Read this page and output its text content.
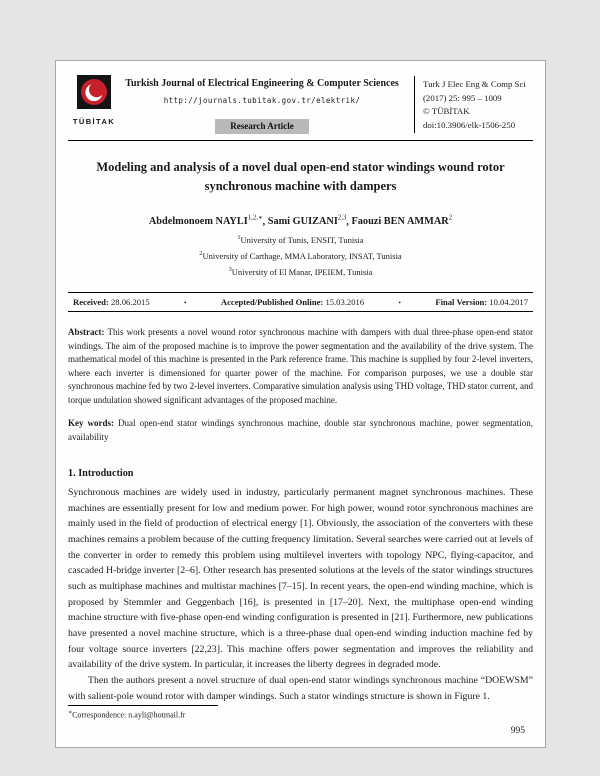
TÜBİTAK
Turkish Journal of Electrical Engineering & Computer Sciences
http://journals.tubitak.gov.tr/elektrik/
Research Article
Turk J Elec Eng & Comp Sci
(2017) 25: 995 – 1009
© TÜBİTAK
doi:10.3906/elk-1506-250
Modeling and analysis of a novel dual open-end stator windings wound rotor synchronous machine with dampers
Abdelmonoem $NAYLI^{1,2,∗}$, Sami GUIZANI$^{2,3}$, Faouzi BEN AMMAR$^2$
$^1$University of Tunis, ENSIT, Tunisia
$^2$University of Carthage, MMA Laboratory, INSAT, Tunisia
$^3$University of El Manar, IPEIEM, Tunisia
Received: 28.06.2015	•	Accepted/Published Online: 15.03.2016	•	Final Version: 10.04.2017
Abstract: This work presents a novel wound rotor synchronous machine with dampers with dual three-phase open-end stator windings. The aim of the proposed machine is to improve the power segmentation and the availability of the drive system. The mathematical model of this machine is presented in the Park reference frame. This machine is supplied by four 2-level inverters, where each inverter is dimensioned for quarter power of the machine. For comparison purposes, we use a double star synchronous machine fed by two 2-level inverters. Comparative simulation analysis using THD voltage, THD stator current, and torque undulation showed significant advantages of the proposed machine.
Key words: Dual open-end stator windings synchronous machine, double star synchronous machine, power segmentation, availability
1. Introduction
Synchronous machines are widely used in industry, particularly permanent magnet synchronous machines. These machines are essentially present for low and medium power. For high power, wound rotor synchronous machines are mainly used in the field of production of electrical energy [1]. Obviously, the association of the converters with these machines remains a problem because of the cutting frequency limitation. Several searches were carried out at levels of the converter in order to remedy this problem using multilevel inverters with topology NPC, flying-capacitor, and cascaded H-bridge inverter [2–6]. Other research has presented solutions at the levels of the stator windings structures such as multiphase machines and multistar machines [7–15]. In recent years, the open-end winding machine, which is proposed by Stemmler and Geggenbach [16], is presented in [17–20]. Next, the multiphase open-end winding machine structure with five-phase open-end winding configuration is presented in [21]. Furthermore, new publications have presented a novel machine structure, which is a three-phase dual open-end winding induction machine fed by four voltage source inverters [22,23]. This machine offers power segmentation and improves the reliability and availability of the drive system. In particular, it increases the liberty degrees in degraded mode.
Then the authors present a novel structure of dual open-end stator windings synchronous machine “DOEWSM” with salient-pole wound rotor with damper windings. Such a stator windings structure is shown in Figure 1.
∗Correspondence: n.ayli@hotmail.fr
995
